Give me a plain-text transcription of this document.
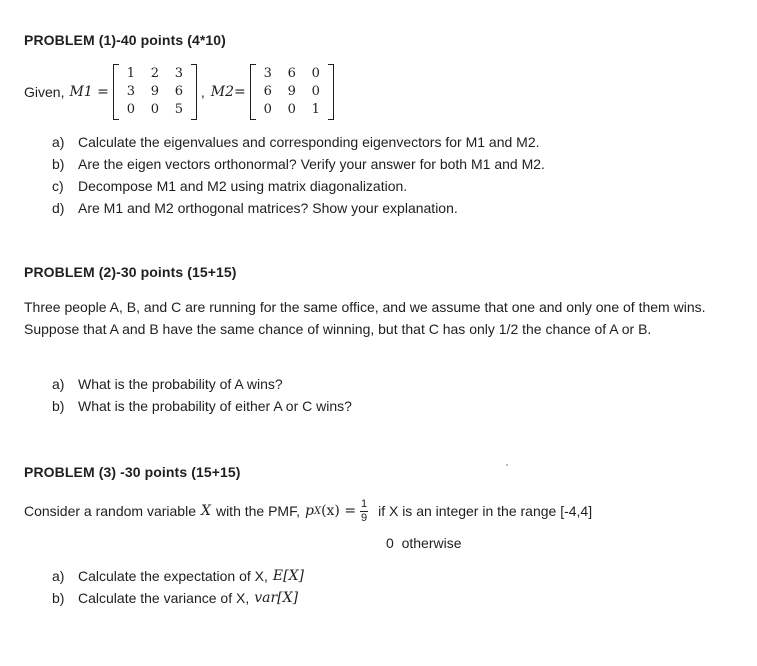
PROBLEM (1)-40 points (4*10)
Given, M1 =
1	2	3
3	9	6
0	0	5
, M2=
3	6	0
6	9	0
0	0	1
a) Calculate the eigenvalues and corresponding eigenvectors for M1 and M2.
b) Are the eigen vectors orthonormal? Verify your answer for both M1 and M2.
c)	Decompose M1 and M2 using matrix diagonalization.
d) Are M1 and M2 orthogonal matrices? Show your explanation.
PROBLEM (2)-30 points (15+15)
Three people A, B, and C are running for the same office, and we assume that one and only one of them wins. Suppose that A and B have the same chance of winning, but that C has only 1/2 the chance of A or B.
a) What is the probability of A wins?
b) What is the probability of either A or C wins?
PROBLEM (3) -30 points (15+15)
Consider a random variable X with the PMF, p X $(x) = \frac{1}{9}$ if X is an integer in the range [-4,4]
0  otherwise
a) Calculate the expectation of X, E[X]
b) Calculate the variance of X, var[X]
